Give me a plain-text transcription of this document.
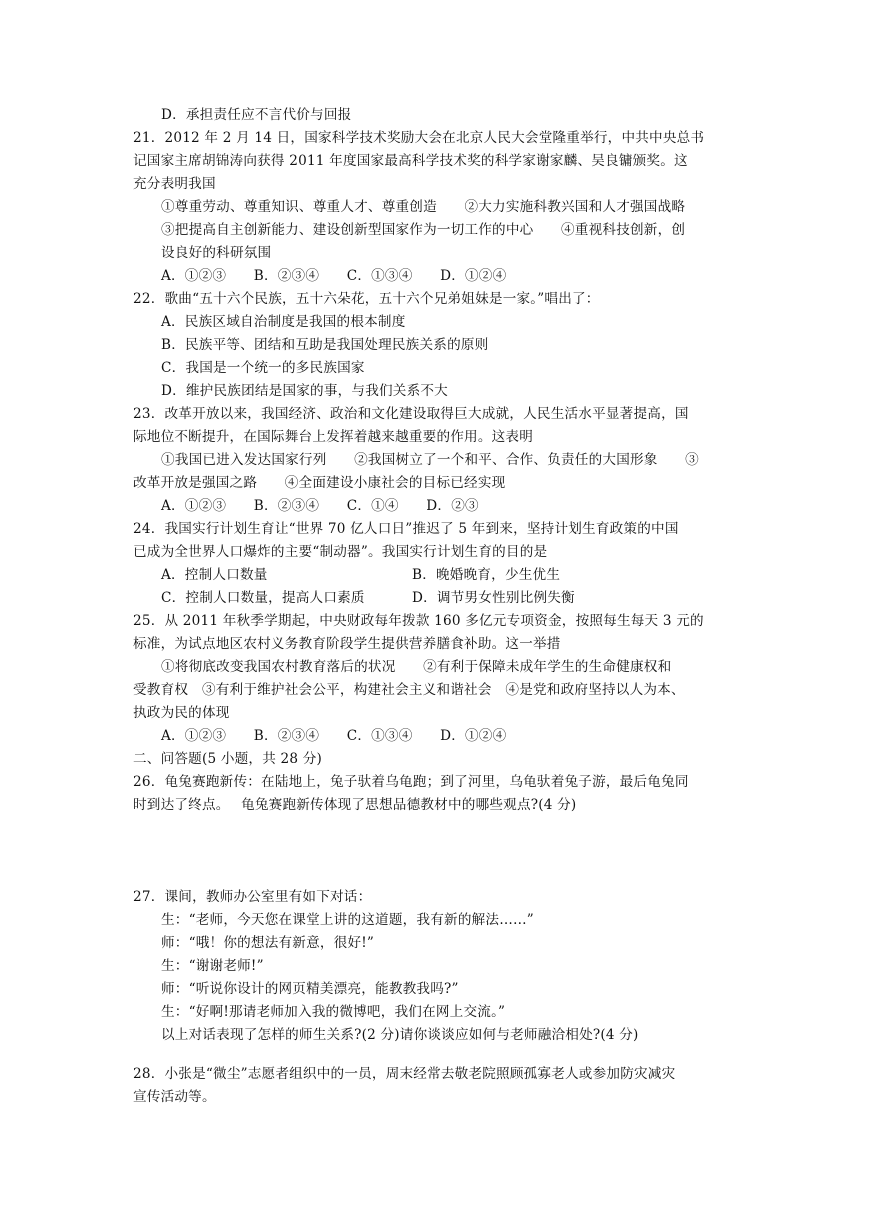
D．承担责任应不言代价与回报
21．2012 年 2 月 14 日，国家科学技术奖励大会在北京人民大会堂隆重举行，中共中央总书
记国家主席胡锦涛向获得 2011 年度国家最高科学技术奖的科学家谢家麟、吴良镛颁奖。这
充分表明我国
①尊重劳动、尊重知识、尊重人才、尊重创造　　②大力实施科教兴国和人才强国战略
③把提高自主创新能力、建设创新型国家作为一切工作的中心　　④重视科技创新，创
设良好的科研氛围
A．①②③　　B．②③④　　C．①③④　　D．①②④
22．歌曲“五十六个民族，五十六朵花，五十六个兄弟姐妹是一家。”唱出了：
A．民族区域自治制度是我国的根本制度
B．民族平等、团结和互助是我国处理民族关系的原则
C．我国是一个统一的多民族国家
D．维护民族团结是国家的事，与我们关系不大
23．改革开放以来，我国经济、政治和文化建设取得巨大成就，人民生活水平显著提高，国
际地位不断提升，在国际舞台上发挥着越来越重要的作用。这表明
①我国已进入发达国家行列　　②我国树立了一个和平、合作、负责任的大国形象　　③
改革开放是强国之路　　④全面建设小康社会的目标已经实现
A．①②③　　B．②③④　　C．①④　　D．②③
24．我国实行计划生育让“世界 70 亿人口日”推迟了 5 年到来，坚持计划生育政策的中国
已成为全世界人口爆炸的主要“制动器”。我国实行计划生育的目的是
A．控制人口数量	B．晚婚晚育，少生优生
C．控制人口数量，提高人口素质	D．调节男女性别比例失衡
25．从 2011 年秋季学期起，中央财政每年拨款 160 多亿元专项资金，按照每生每天 3 元的
标准，为试点地区农村义务教育阶段学生提供营养膳食补助。这一举措
①将彻底改变我国农村教育落后的状况　　②有利于保障未成年学生的生命健康权和
受教育权　③有利于维护社会公平，构建社会主义和谐社会　④是党和政府坚持以人为本、
执政为民的体现
A．①②③　　B．②③④　　C．①③④　　D．①②④
二、问答题(5 小题，共 28 分)
26．龟兔赛跑新传：在陆地上，兔子驮着乌龟跑；到了河里，乌龟驮着兔子游，最后龟兔同
时到达了终点。　 龟兔赛跑新传体现了思想品德教材中的哪些观点?(4 分)
27．课间，教师办公室里有如下对话：
生：“老师，今天您在课堂上讲的这道题，我有新的解法……”
师：“哦！你的想法有新意，很好!”
生：“谢谢老师!”
师：“听说你设计的网页精美漂亮，能教教我吗?”
生：“好啊!那请老师加入我的微博吧，我们在网上交流。”
以上对话表现了怎样的师生关系?(2 分)请你谈谈应如何与老师融洽相处?(4 分)
28．小张是“微尘”志愿者组织中的一员，周末经常去敬老院照顾孤寡老人或参加防灾减灾
宣传活动等。
